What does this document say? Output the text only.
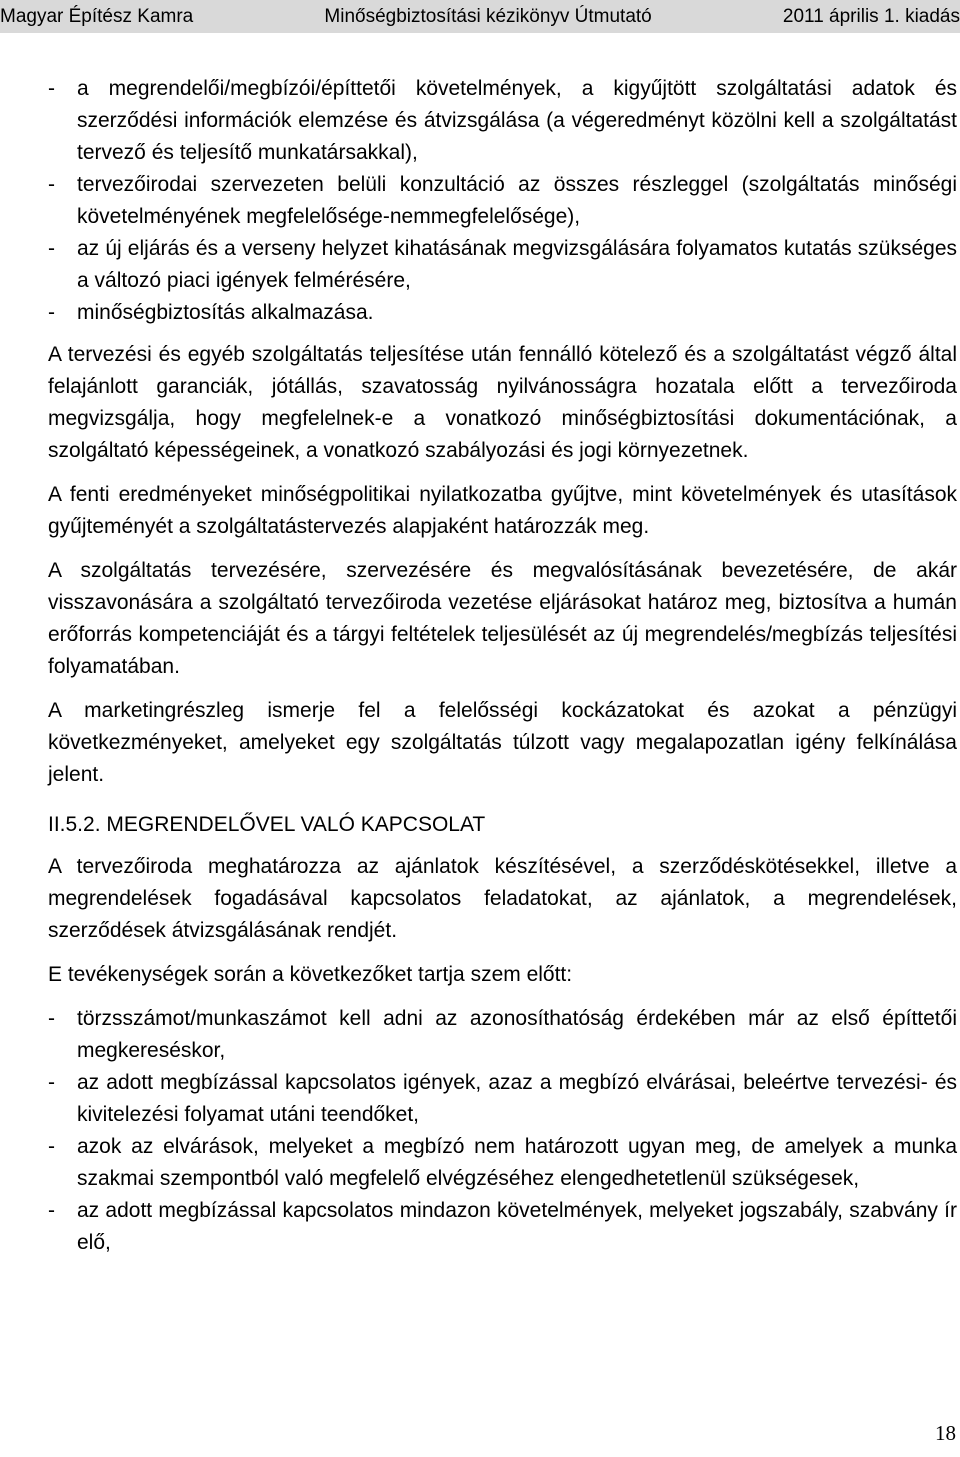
Magyar Építész Kamra	Minőségbiztosítási kézikönyv Útmutató	2011 április 1. kiadás
-	a megrendelői/megbízói/építtetői követelmények, a kigyűjtött szolgáltatási adatok és szerződési információk elemzése és átvizsgálása (a végeredményt közölni kell a szolgáltatást tervező és teljesítő munkatársakkal),
-	tervezőirodai szervezeten belüli konzultáció az összes részleggel (szolgáltatás minőségi követelményének megfelelősége-nemmegfelelősége),
-	az új eljárás és a verseny helyzet kihatásának megvizsgálására folyamatos kutatás szükséges a változó piaci igények felmérésére,
-	minőségbiztosítás alkalmazása.

A tervezési és egyéb szolgáltatás teljesítése után fennálló kötelező és a szolgáltatást végző által felajánlott garanciák, jótállás, szavatosság nyilvánosságra hozatala előtt a tervezőiroda megvizsgálja, hogy megfelelnek-e a vonatkozó minőségbiztosítási dokumentációnak, a szolgáltató képességeinek, a vonatkozó szabályozási és jogi környezetnek.

A fenti eredményeket minőségpolitikai nyilatkozatba gyűjtve, mint követelmények és utasítások gyűjteményét a szolgáltatástervezés alapjaként határozzák meg.

A szolgáltatás tervezésére, szervezésére és megvalósításának bevezetésére, de akár visszavonására a szolgáltató tervezőiroda vezetése eljárásokat határoz meg, biztosítva a humán erőforrás kompetenciáját és a tárgyi feltételek teljesülését az új megrendelés/megbízás teljesítési folyamatában.

A marketingrészleg ismerje fel a felelősségi kockázatokat és azokat a pénzügyi következményeket, amelyeket egy szolgáltatás túlzott vagy megalapozatlan igény felkínálása jelent.

II.5.2. MEGRENDELŐVEL VALÓ KAPCSOLAT

A tervezőiroda meghatározza az ajánlatok készítésével, a szerződéskötésekkel, illetve a megrendelések fogadásával kapcsolatos feladatokat, az ajánlatok, a megrendelések, szerződések átvizsgálásának rendjét.

E tevékenységek során a következőket tartja szem előtt:

-	törzsszámot/munkaszámot kell adni az azonosíthatóság érdekében már az első építtetői megkereséskor,
-	az adott megbízással kapcsolatos igények, azaz a megbízó elvárásai, beleértve tervezési- és kivitelezési folyamat utáni teendőket,
-	azok az elvárások, melyeket a megbízó nem határozott ugyan meg, de amelyek a munka szakmai szempontból való megfelelő elvégzéséhez elengedhetetlenül szükségesek,
-	az adott megbízással kapcsolatos mindazon követelmények, melyeket jogszabály, szabvány ír elő,
18
